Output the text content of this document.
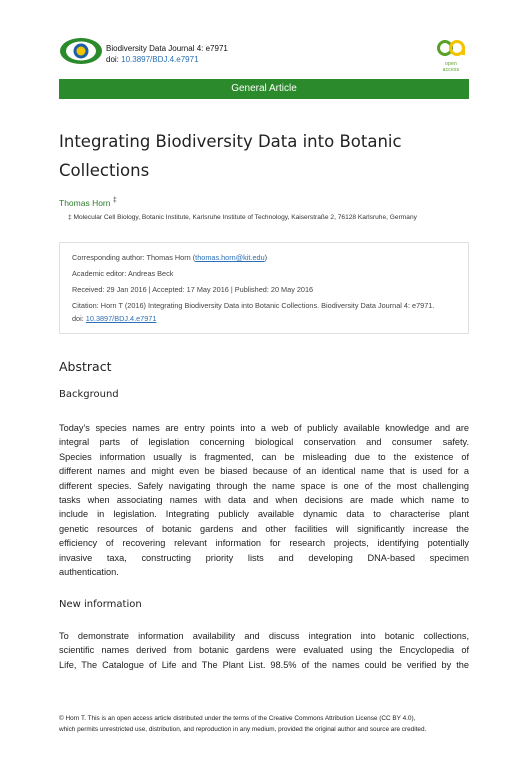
Biodiversity Data Journal 4: e7971
doi: 10.3897/BDJ.4.e7971	open access
General Article
Integrating Biodiversity Data into Botanic
Collections
Thomas Horn ‡
‡ Molecular Cell Biology, Botanic Institute, Karlsruhe Institute of Technology, Kaiserstraße 2, 76128 Karlsruhe, Germany
Corresponding author: Thomas Horn (thomas.horn@kit.edu)
Academic editor: Andreas Beck
Received: 29 Jan 2016 | Accepted: 17 May 2016 | Published: 20 May 2016
Citation: Horn T (2016) Integrating Biodiversity Data into Botanic Collections. Biodiversity Data Journal 4: e7971.
doi: 10.3897/BDJ.4.e7971
Abstract
Background
Today's species names are entry points into a web of publicly available knowledge and are
integral parts of legislation concerning biological conservation and consumer safety.
Species information usually is fragmented, can be misleading due to the existence of
different names and might even be biased because of an identical name that is used for a
different species. Safely navigating through the name space is one of the most challenging
tasks when associating names with data and when decisions are made which name to
include in legislation. Integrating publicly available dynamic data to characterise plant
genetic resources of botanic gardens and other facilities will significantly increase the
efficiency of recovering relevant information for research projects, identifying potentially
invasive taxa, constructing priority lists and developing DNA-based specimen
authentication.
New information
To demonstrate information availability and discuss integration into botanic collections,
scientific names derived from botanic gardens were evaluated using the Encyclopedia of
Life, The Catalogue of Life and The Plant List. 98.5% of the names could be verified by the
© Horn T. This is an open access article distributed under the terms of the Creative Commons Attribution License (CC BY 4.0),
which permits unrestricted use, distribution, and reproduction in any medium, provided the original author and source are credited.
